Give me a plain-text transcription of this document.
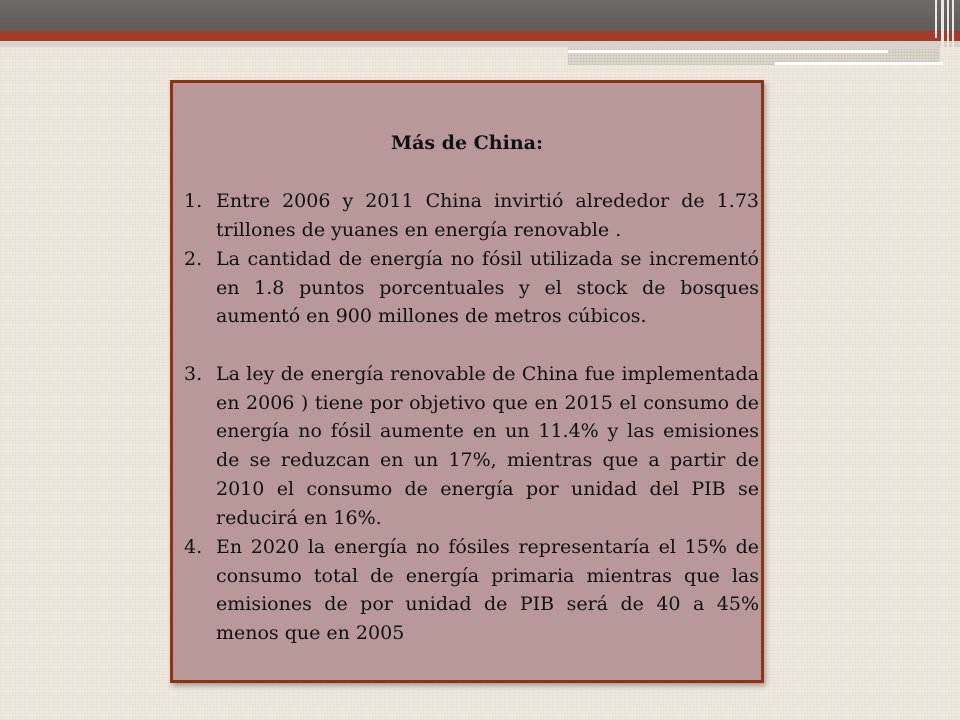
Más de China:
1. Entre 2006 y 2011 China invirtió alrededor de 1.73 trillones de yuanes en energía renovable .
2. La cantidad de energía no fósil utilizada se incrementó en 1.8 puntos porcentuales y el stock de bosques aumentó en 900 millones de metros cúbicos.
3. La ley de energía renovable de China fue implementada en 2006 ) tiene por objetivo que en 2015 el consumo de energía no fósil aumente en un 11.4% y las emisiones de se reduzcan en un 17%, mientras que a partir de 2010 el consumo de energía por unidad del PIB se reducirá en 16%.
4. En 2020 la energía no fósiles representaría el 15% de consumo total de energía primaria mientras que las emisiones de por unidad de PIB será de 40 a 45% menos que en 2005
